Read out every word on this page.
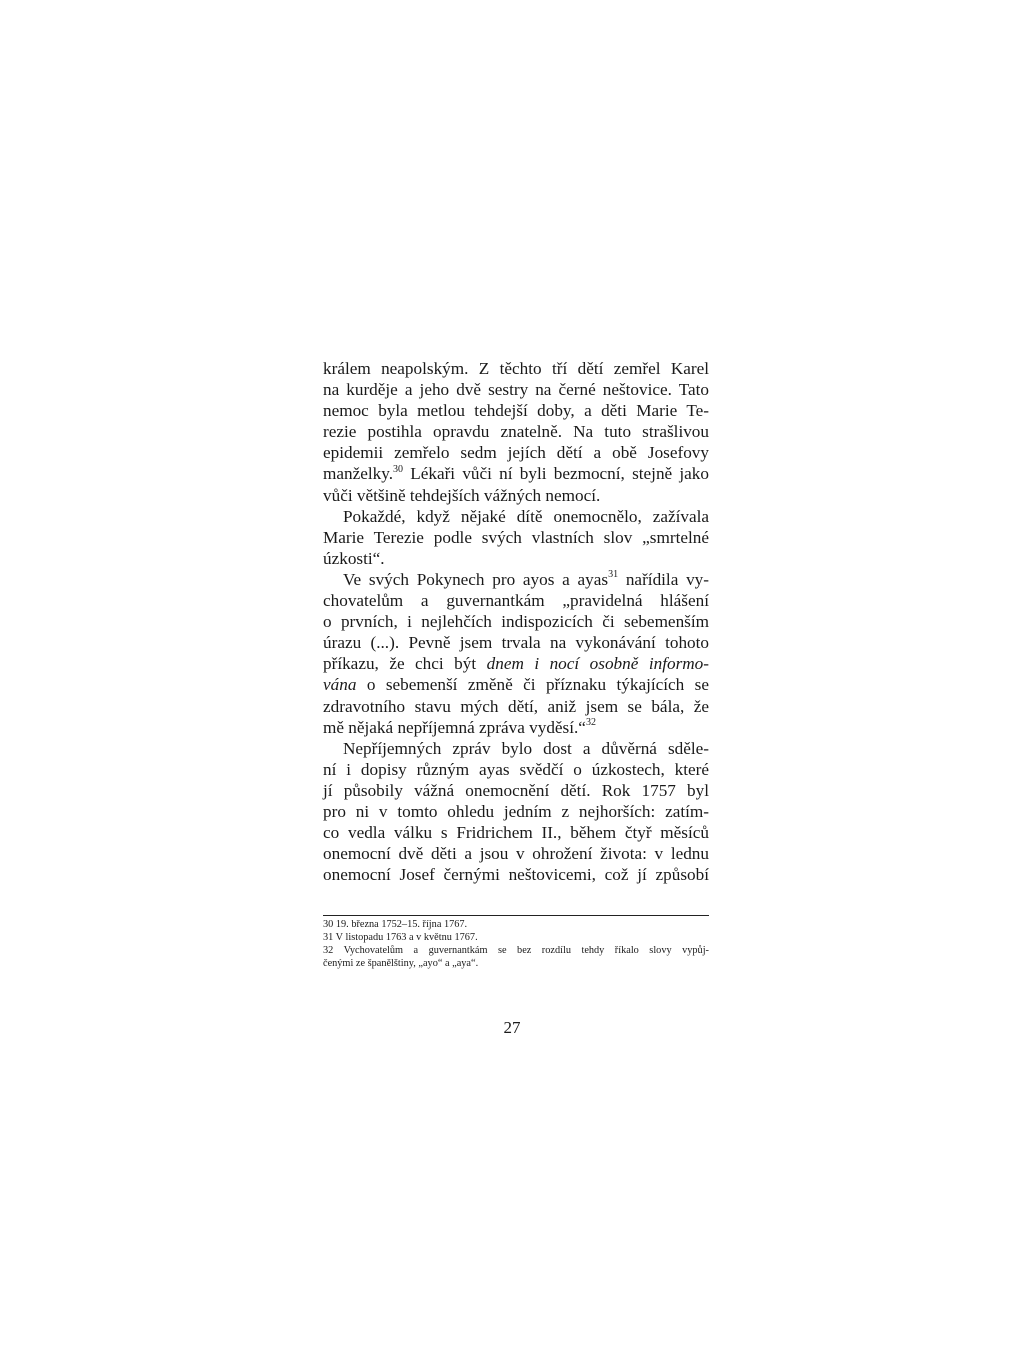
králem neapolským. Z těchto tří dětí zemřel Karel
na kurděje a jeho dvě sestry na černé neštovice. Tato
nemoc byla metlou tehdejší doby, a děti Marie Te-
rezie postihla opravdu znatelně. Na tuto strašlivou
epidemii zemřelo sedm jejích dětí a obě Josefovy
manželky.$^{30}$ Lékaři vůči ní byli bezmocní, stejně jako
vůči většině tehdejších vážných nemocí.
Pokaždé, když nějaké dítě onemocnělo, zažívala
Marie Terezie podle svých vlastních slov „smrtelné
úzkosti“.
Ve svých Pokynech pro ayos a ayas$^{31}$ nařídila vy-
chovatelům a guvernantkám „pravidelná hlášení
o prvních, i nejlehčích indispozicích či sebemenším
úrazu (...). Pevně jsem trvala na vykonávání tohoto
příkazu, že chci být dnem i nocí osobně informo-
vána o sebemenší změně či příznaku týkajících se
zdravotního stavu mých dětí, aniž jsem se bála, že
mě nějaká nepříjemná zpráva vyděsí.“$^{32}$
Nepříjemných zpráv bylo dost a důvěrná sděle-
ní i dopisy různým ayas svědčí o úzkostech, které
jí působily vážná onemocnění dětí. Rok 1757 byl
pro ni v tomto ohledu jedním z nejhorších: zatím-
co vedla válku s Fridrichem II., během čtyř měsíců
onemocní dvě děti a jsou v ohrožení života: v lednu
onemocní Josef černými neštovicemi, což jí způsobí
30 19. března 1752–15. října 1767.
31 V listopadu 1763 a v květnu 1767.
32 Vychovatelům a guvernantkám se bez rozdílu tehdy říkalo slovy vypůj-
čenými ze španělštiny, „ayo“ a „aya“.
27
